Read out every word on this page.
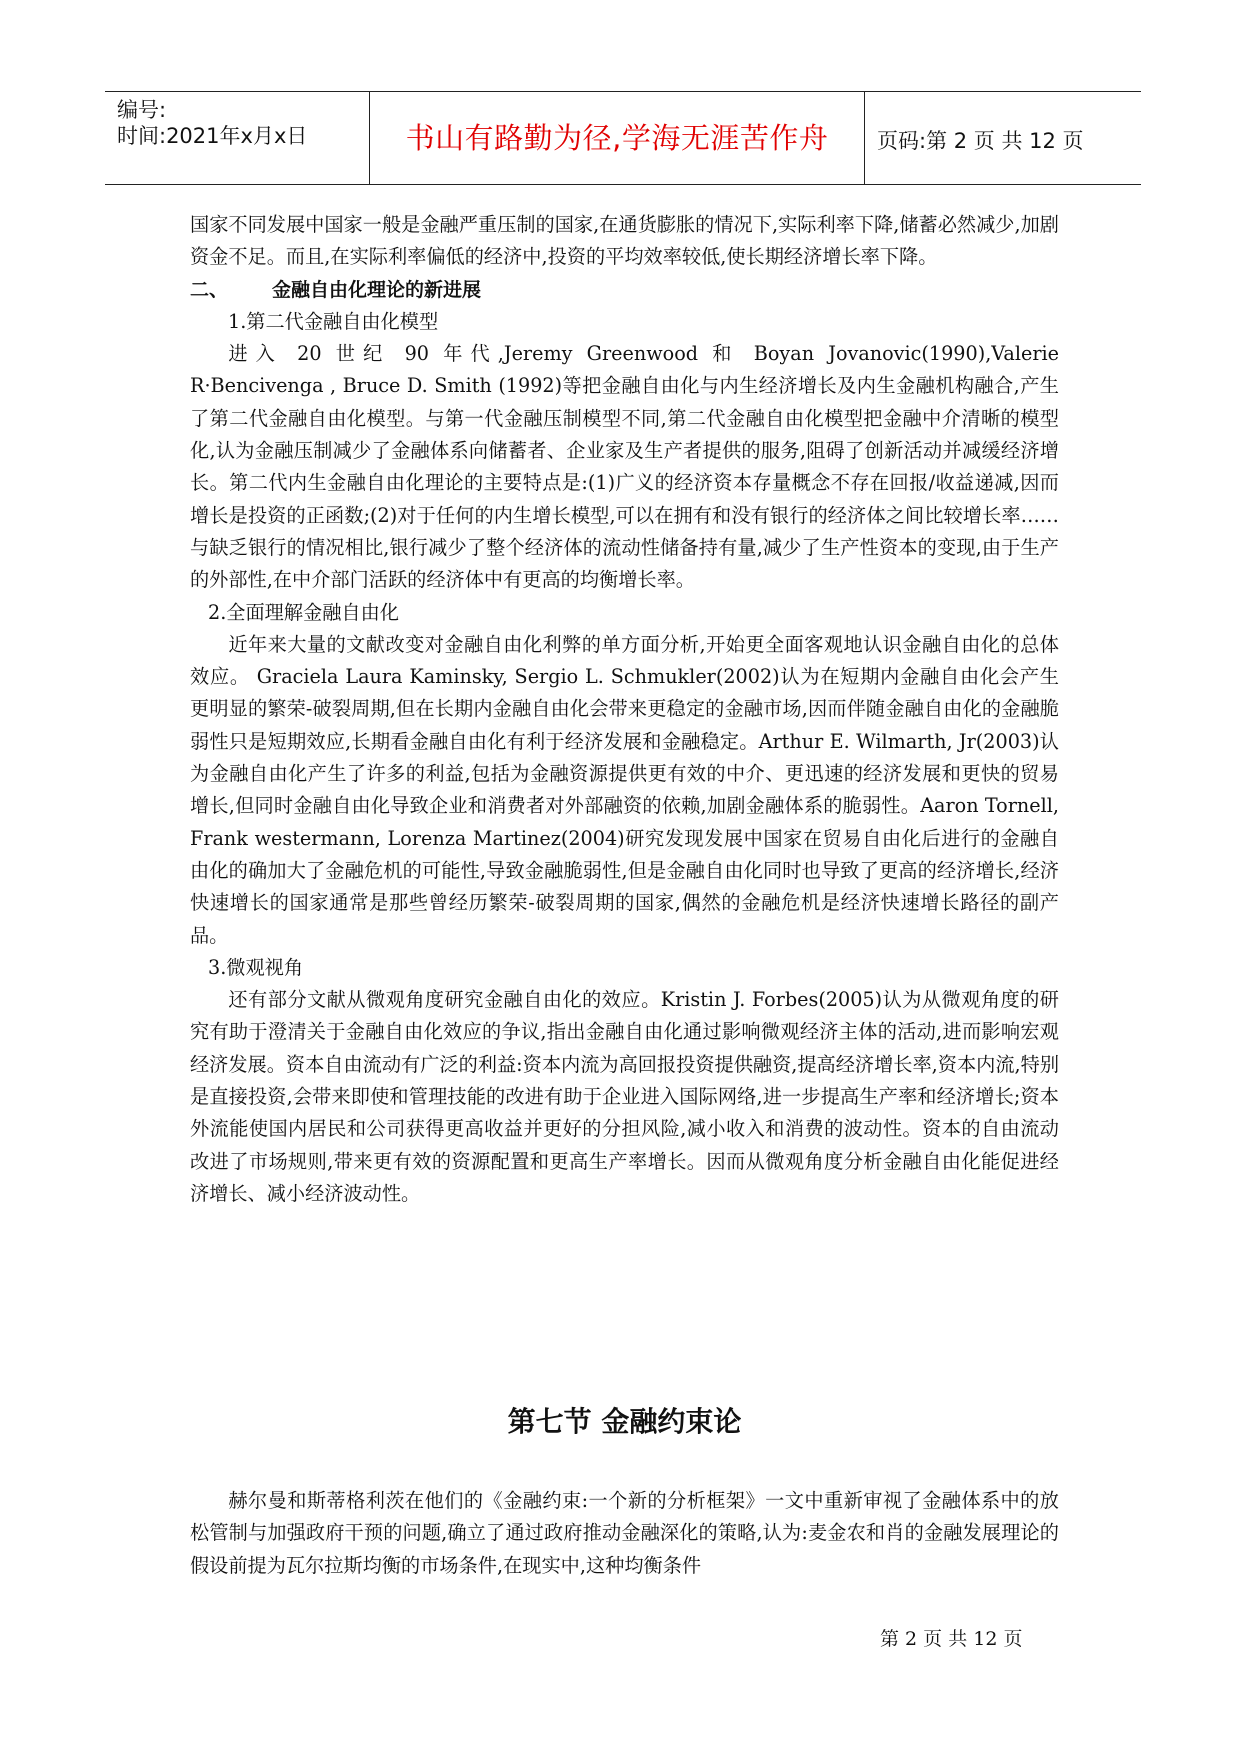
编号:
时间:2021年x月x日	书山有路勤为径,学海无涯苦作舟	页码:第 2 页 共 12 页

国家不同发展中国家一般是金融严重压制的国家,在通货膨胀的情况下,实际利率下降,储蓄必然减少,加剧资金不足。而且,在实际利率偏低的经济中,投资的平均效率较低,使长期经济增长率下降。

二、 金融自由化理论的新进展

1.第二代金融自由化模型

进入 20 世纪 90 年代,Jeremy Greenwood 和 Boyan Jovanovic(1990),Valerie R·Bencivenga , Bruce D. Smith (1992)等把金融自由化与内生经济增长及内生金融机构融合,产生了第二代金融自由化模型。与第一代金融压制模型不同,第二代金融自由化模型把金融中介清晰的模型化,认为金融压制减少了金融体系向储蓄者、企业家及生产者提供的服务,阻碍了创新活动并减缓经济增长。第二代内生金融自由化理论的主要特点是:(1)广义的经济资本存量概念不存在回报/收益递减,因而增长是投资的正函数;(2)对于任何的内生增长模型,可以在拥有和没有银行的经济体之间比较增长率……与缺乏银行的情况相比,银行减少了整个经济体的流动性储备持有量,减少了生产性资本的变现,由于生产的外部性,在中介部门活跃的经济体中有更高的均衡增长率。

2.全面理解金融自由化

近年来大量的文献改变对金融自由化利弊的单方面分析,开始更全面客观地认识金融自由化的总体效应。 Graciela Laura Kaminsky, Sergio L. Schmukler(2002)认为在短期内金融自由化会产生更明显的繁荣-破裂周期,但在长期内金融自由化会带来更稳定的金融市场,因而伴随金融自由化的金融脆弱性只是短期效应,长期看金融自由化有利于经济发展和金融稳定。Arthur E. Wilmarth, Jr(2003)认为金融自由化产生了许多的利益,包括为金融资源提供更有效的中介、更迅速的经济发展和更快的贸易增长,但同时金融自由化导致企业和消费者对外部融资的依赖,加剧金融体系的脆弱性。Aaron Tornell, Frank westermann, Lorenza Martinez(2004)研究发现发展中国家在贸易自由化后进行的金融自由化的确加大了金融危机的可能性,导致金融脆弱性,但是金融自由化同时也导致了更高的经济增长,经济快速增长的国家通常是那些曾经历繁荣-破裂周期的国家,偶然的金融危机是经济快速增长路径的副产品。

3.微观视角

还有部分文献从微观角度研究金融自由化的效应。Kristin J. Forbes(2005)认为从微观角度的研究有助于澄清关于金融自由化效应的争议,指出金融自由化通过影响微观经济主体的活动,进而影响宏观经济发展。资本自由流动有广泛的利益:资本内流为高回报投资提供融资,提高经济增长率,资本内流,特别是直接投资,会带来即使和管理技能的改进有助于企业进入国际网络,进一步提高生产率和经济增长;资本外流能使国内居民和公司获得更高收益并更好的分担风险,减小收入和消费的波动性。资本的自由流动改进了市场规则,带来更有效的资源配置和更高生产率增长。因而从微观角度分析金融自由化能促进经济增长、减小经济波动性。

第七节 金融约束论

赫尔曼和斯蒂格利茨在他们的《金融约束:一个新的分析框架》一文中重新审视了金融体系中的放松管制与加强政府干预的问题,确立了通过政府推动金融深化的策略,认为:麦金农和肖的金融发展理论的假设前提为瓦尔拉斯均衡的市场条件,在现实中,这种均衡条件

第 2 页 共 12 页
